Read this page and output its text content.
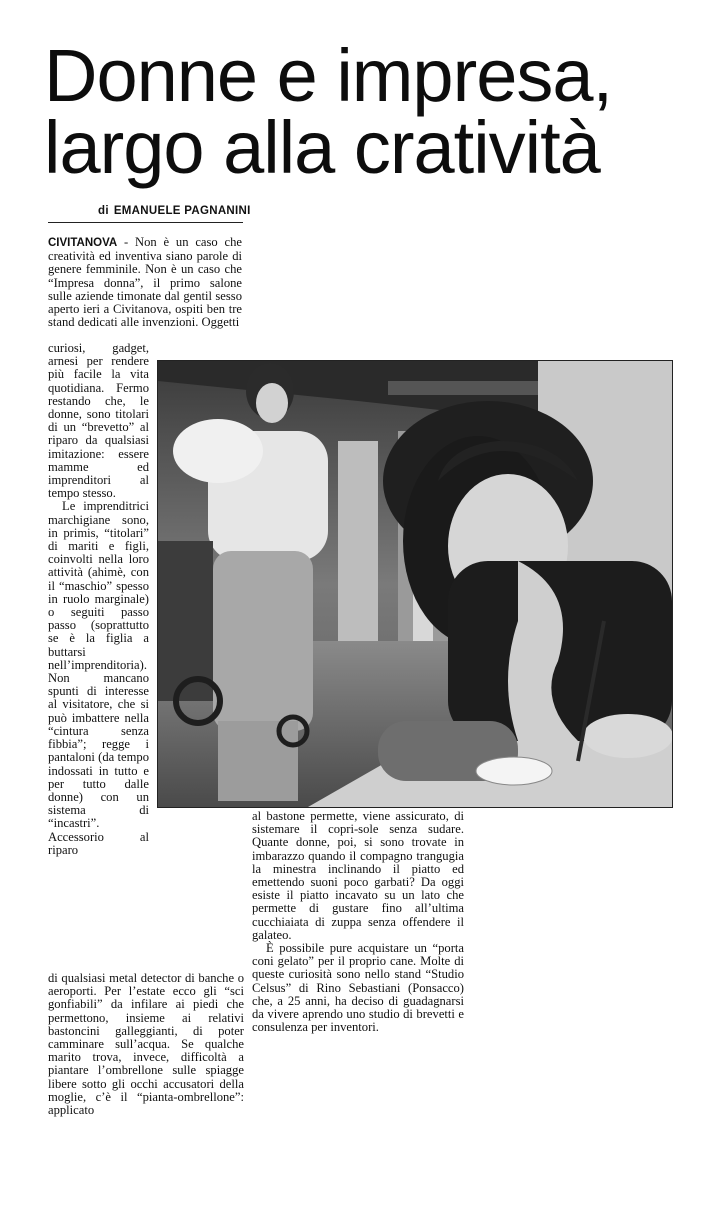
Donne e impresa,
largo alla cratività
di EMANUELE PAGNANINI

CIVITANOVA - Non è un caso che creatività ed inventiva siano parole di genere femminile. Non è un caso che “Impresa donna”, il primo salone sulle aziende timonate dal gentil sesso aperto ieri a Civitanova, ospiti ben tre stand dedicati alle invenzioni. Oggetti

curiosi, gadget, arnesi per rendere più facile la vita quotidiana. Fermo restando che, le donne, sono titolari di un “brevetto” al riparo da qualsiasi imitazione: essere mamme ed imprenditori al tempo stesso.

Le imprenditrici marchigiane sono, in primis, “titolari” di mariti e figli, coinvolti nella loro attività (ahimè, con il “maschio” spesso in ruolo marginale) o seguiti passo passo (soprattutto se è la figlia a buttarsi nell’imprenditoria). Non mancano spunti di interesse al visitatore, che si può imbattere nella “cintura senza fibbia”; regge i pantaloni (da tempo indossati in tutto e per tutto dalle donne) con un sistema di “incastri”. Accessorio al riparo

di qualsiasi metal detector di banche o aeroporti. Per l’estate ecco gli “sci gonfiabili” da infilare ai piedi che permettono, insieme ai relativi bastoncini galleggianti, di poter camminare sull’acqua. Se qualche marito trova, invece, difficoltà a piantare l’ombrellone sulle spiagge libere sotto gli occhi accusatori della moglie, c’è il “pianta-ombrellone”: applicato

al bastone permette, viene assicurato, di sistemare il copri-sole senza sudare. Quante donne, poi, si sono trovate in imbarazzo quando il compagno trangugia la minestra inclinando il piatto ed emettendo suoni poco garbati? Da oggi esiste il piatto incavato su un lato che permette di gustare fino all’ultima cucchiaiata di zuppa senza offendere il galateo.

È possibile pure acquistare un “porta coni gelato” per il proprio cane. Molte di queste curiosità sono nello stand “Studio Celsus” di Rino Sebastiani (Ponsacco) che, a 25 anni, ha deciso di guadagnarsi da vivere aprendo uno studio di brevetti e consulenza per inventori.
